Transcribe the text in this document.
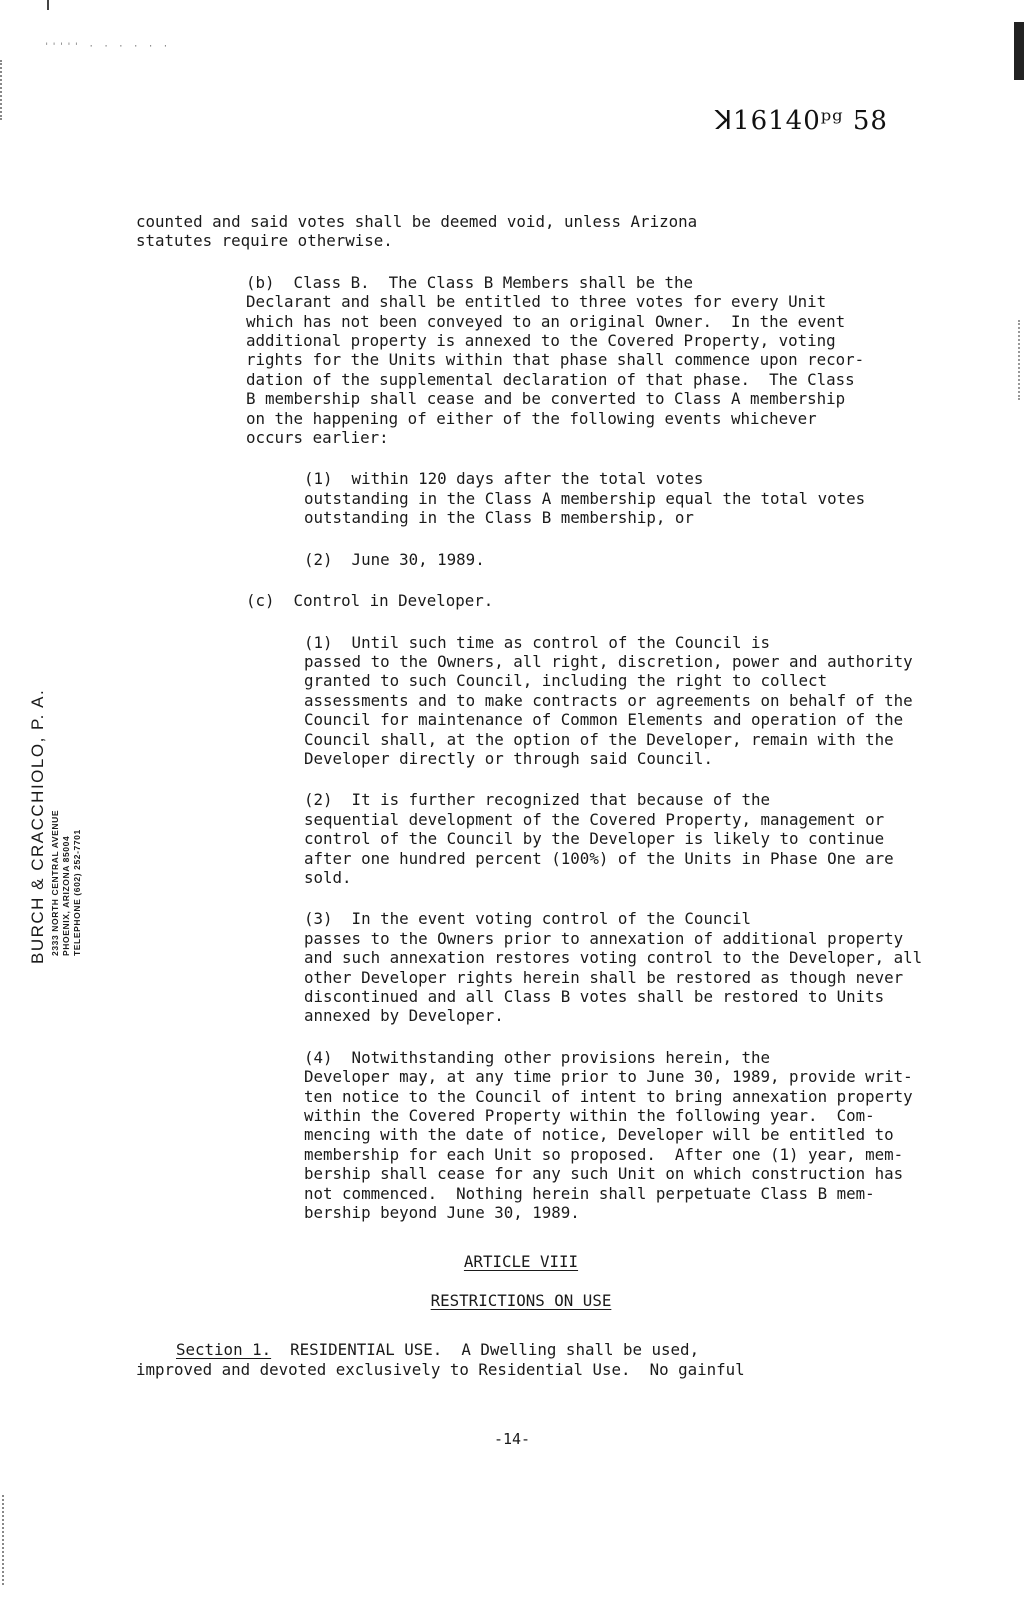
''''' · · · · · ·
ꓘ16140ᵖᵍ 58
BURCH & CRACCHIOLO, P. A. 2333 NORTH CENTRAL AVENUE PHOENIX, ARIZONA 85004 TELEPHONE (602) 252-7701

counted and said votes shall be deemed void, unless Arizona
statutes require otherwise.

(b)  Class B.  The Class B Members shall be the
Declarant and shall be entitled to three votes for every Unit
which has not been conveyed to an original Owner.  In the event
additional property is annexed to the Covered Property, voting
rights for the Units within that phase shall commence upon recor-
dation of the supplemental declaration of that phase.  The Class
B membership shall cease and be converted to Class A membership
on the happening of either of the following events whichever
occurs earlier:

(1)  within 120 days after the total votes
outstanding in the Class A membership equal the total votes
outstanding in the Class B membership, or

(2)  June 30, 1989.

(c)  Control in Developer.

(1)  Until such time as control of the Council is
passed to the Owners, all right, discretion, power and authority
granted to such Council, including the right to collect
assessments and to make contracts or agreements on behalf of the
Council for maintenance of Common Elements and operation of the
Council shall, at the option of the Developer, remain with the
Developer directly or through said Council.

(2)  It is further recognized that because of the
sequential development of the Covered Property, management or
control of the Council by the Developer is likely to continue
after one hundred percent (100%) of the Units in Phase One are
sold.

(3)  In the event voting control of the Council
passes to the Owners prior to annexation of additional property
and such annexation restores voting control to the Developer, all
other Developer rights herein shall be restored as though never
discontinued and all Class B votes shall be restored to Units
annexed by Developer.

(4)  Notwithstanding other provisions herein, the
Developer may, at any time prior to June 30, 1989, provide writ-
ten notice to the Council of intent to bring annexation property
within the Covered Property within the following year.  Com-
mencing with the date of notice, Developer will be entitled to
membership for each Unit so proposed.  After one (1) year, mem-
bership shall cease for any such Unit on which construction has
not commenced.  Nothing herein shall perpetuate Class B mem-
bership beyond June 30, 1989.

ARTICLE VIII

RESTRICTIONS ON USE

Section 1.  RESIDENTIAL USE.  A Dwelling shall be used,

improved and devoted exclusively to Residential Use.  No gainful

-14-
